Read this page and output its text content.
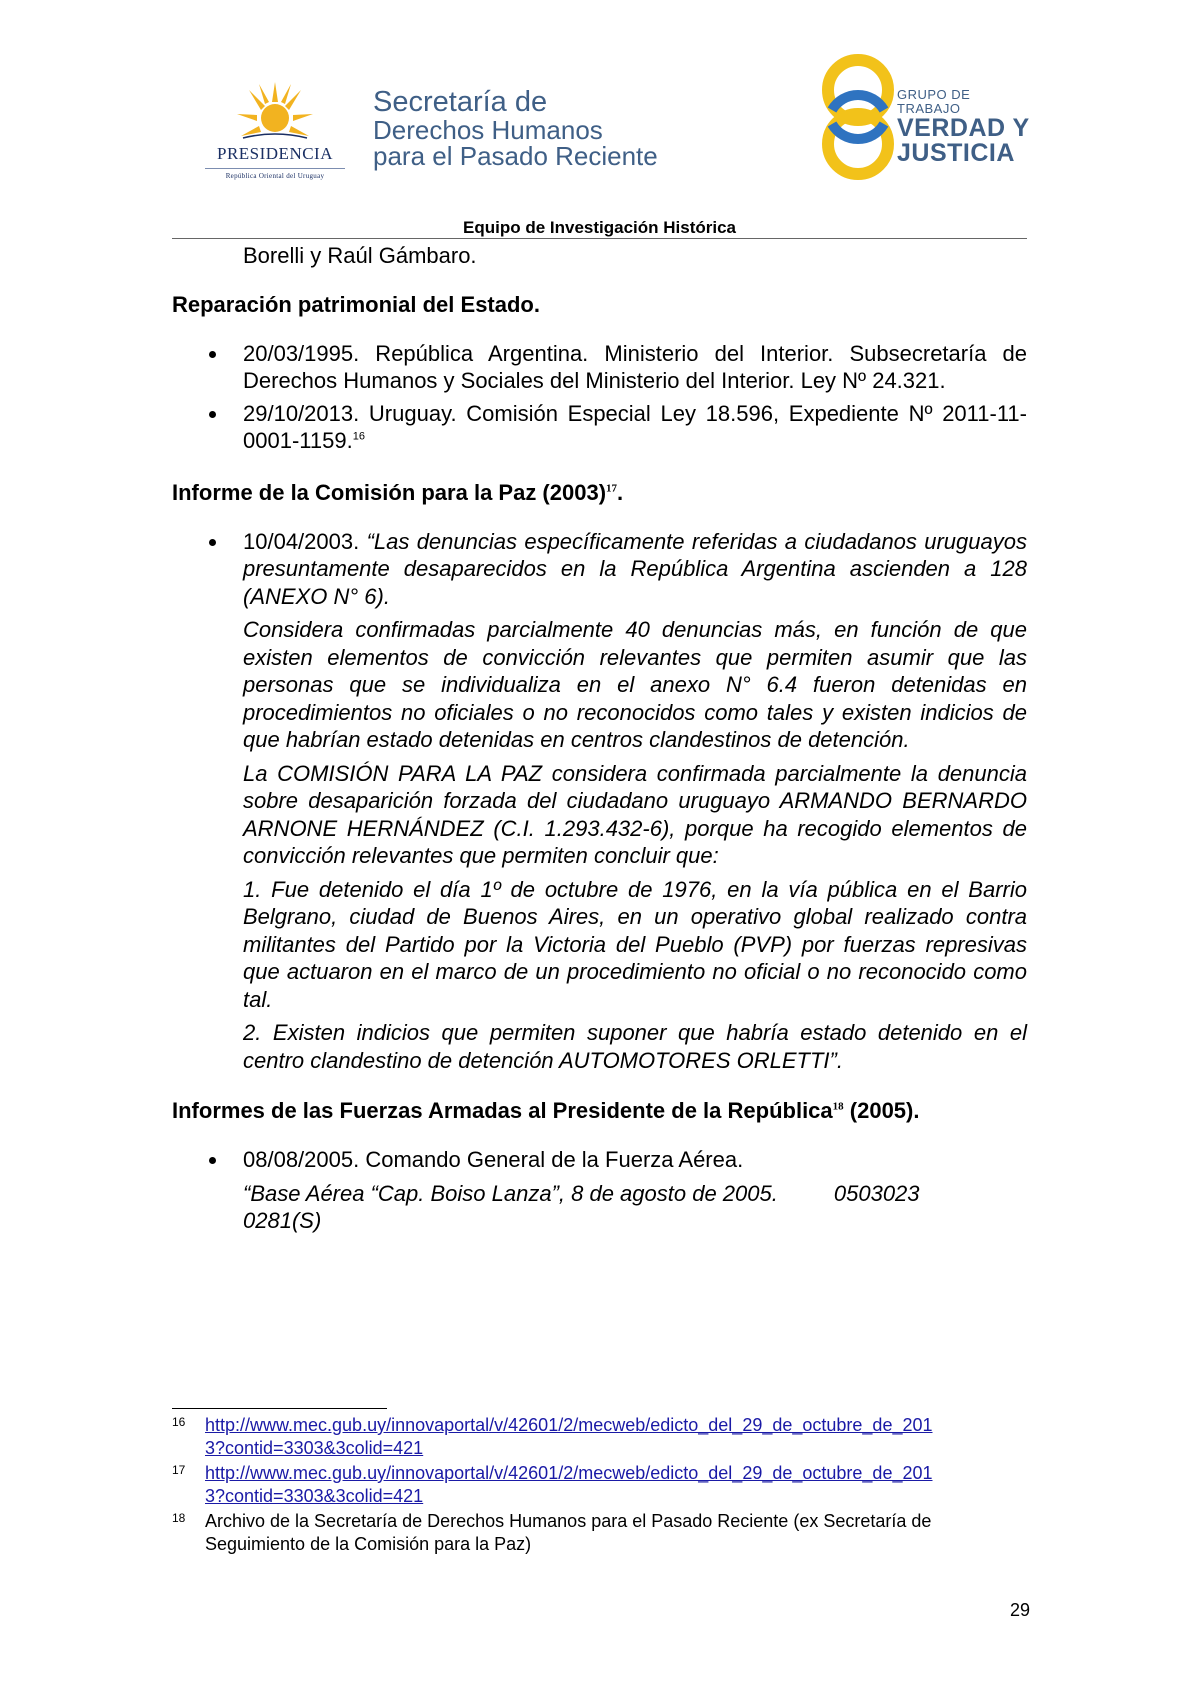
PRESIDENCIA
República Oriental del Uruguay
Secretaría de
Derechos Humanos
para el Pasado Reciente
GRUPO DE TRABAJO
VERDAD Y
JUSTICIA
Equipo de Investigación Histórica

Borelli y Raúl Gámbaro.

Reparación patrimonial del Estado.

20/03/1995. República Argentina. Ministerio del Interior. Subsecretaría de Derechos Humanos y Sociales del Ministerio del Interior. Ley Nº 24.321.

29/10/2013. Uruguay. Comisión Especial Ley 18.596, Expediente Nº 2011-11-0001-1159.16

Informe de la Comisión para la Paz $(2003)^{17}$.

10/04/2003. “Las denuncias específicamente referidas a ciudadanos uruguayos presuntamente desaparecidos en la República Argentina ascienden a 128 (ANEXO N° 6).

Considera confirmadas parcialmente 40 denuncias más, en función de que existen elementos de convicción relevantes que permiten asumir que las personas que se individualiza en el anexo N° 6.4 fueron detenidas en procedimientos no oficiales o no reconocidos como tales y existen indicios de que habrían estado detenidas en centros clandestinos de detención.

La COMISIÓN PARA LA PAZ considera confirmada parcialmente la denuncia sobre desaparición forzada del ciudadano uruguayo ARMANDO BERNARDO ARNONE HERNÁNDEZ (C.I. 1.293.432-6), porque ha recogido elementos de convicción relevantes que permiten concluir que:

1. Fue detenido el día 1º de octubre de 1976, en la vía pública en el Barrio Belgrano, ciudad de Buenos Aires, en un operativo global realizado contra militantes del Partido por la Victoria del Pueblo (PVP) por fuerzas represivas que actuaron en el marco de un procedimiento no oficial o no reconocido como tal.

2. Existen indicios que permiten suponer que habría estado detenido en el centro clandestino de detención AUTOMOTORES ORLETTI”.

Informes de las Fuerzas Armadas al Presidente de la República$^{18}$ (2005).

08/08/2005. Comando General de la Fuerza Aérea.

“Base Aérea “Cap. Boiso Lanza”, 8 de agosto de 2005.	0503023

0281(S)

16 http://www.mec.gub.uy/innovaportal/v/42601/2/mecweb/edicto_del_29_de_octubre_de_201
3?contid=3303&3colid=421

17 http://www.mec.gub.uy/innovaportal/v/42601/2/mecweb/edicto_del_29_de_octubre_de_201
3?contid=3303&3colid=421

18 Archivo de la Secretaría de Derechos Humanos para el Pasado Reciente (ex Secretaría de Seguimiento de la Comisión para la Paz)

29
